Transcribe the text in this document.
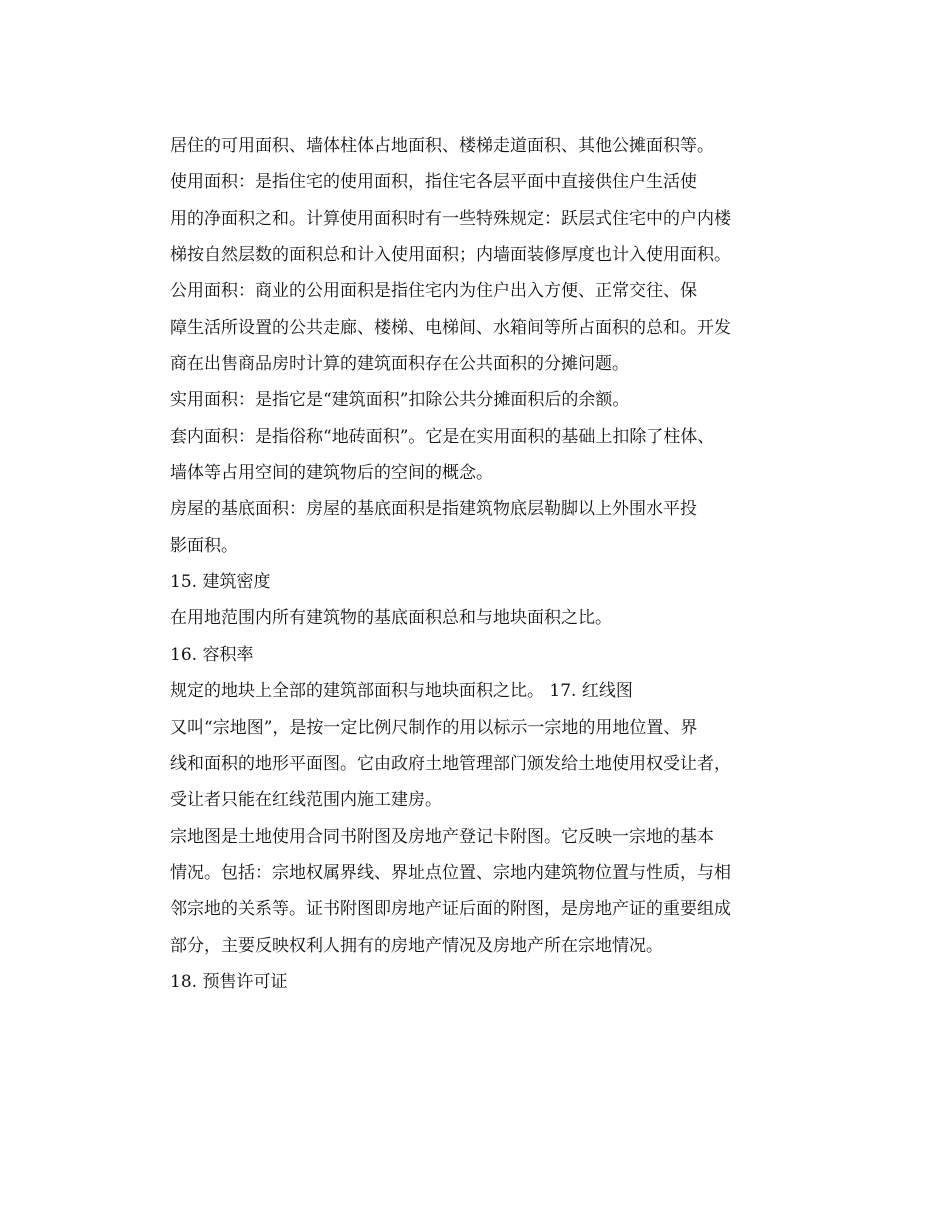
居住的可用面积、墙体柱体占地面积、楼梯走道面积、其他公摊面积等。

使用面积：是指住宅的使用面积，指住宅各层平面中直接供住户生活使

用的净面积之和。计算使用面积时有一些特殊规定：跃层式住宅中的户内楼

梯按自然层数的面积总和计入使用面积；内墙面装修厚度也计入使用面积。

公用面积：商业的公用面积是指住宅内为住户出入方便、正常交往、保

障生活所设置的公共走廊、楼梯、电梯间、水箱间等所占面积的总和。开发

商在出售商品房时计算的建筑面积存在公共面积的分摊问题。

实用面积：是指它是“建筑面积”扣除公共分摊面积后的余额。

套内面积：是指俗称“地砖面积”。它是在实用面积的基础上扣除了柱体、

墙体等占用空间的建筑物后的空间的概念。

房屋的基底面积：房屋的基底面积是指建筑物底层勒脚以上外围水平投

影面积。

15. 建筑密度

在用地范围内所有建筑物的基底面积总和与地块面积之比。

16. 容积率

规定的地块上全部的建筑部面积与地块面积之比。 17. 红线图

又叫“宗地图”，是按一定比例尺制作的用以标示一宗地的用地位置、界

线和面积的地形平面图。它由政府土地管理部门颁发给土地使用权受让者，

受让者只能在红线范围内施工建房。

宗地图是土地使用合同书附图及房地产登记卡附图。它反映一宗地的基本

情况。包括：宗地权属界线、界址点位置、宗地内建筑物位置与性质，与相

邻宗地的关系等。证书附图即房地产证后面的附图，是房地产证的重要组成

部分，主要反映权利人拥有的房地产情况及房地产所在宗地情况。

18. 预售许可证
